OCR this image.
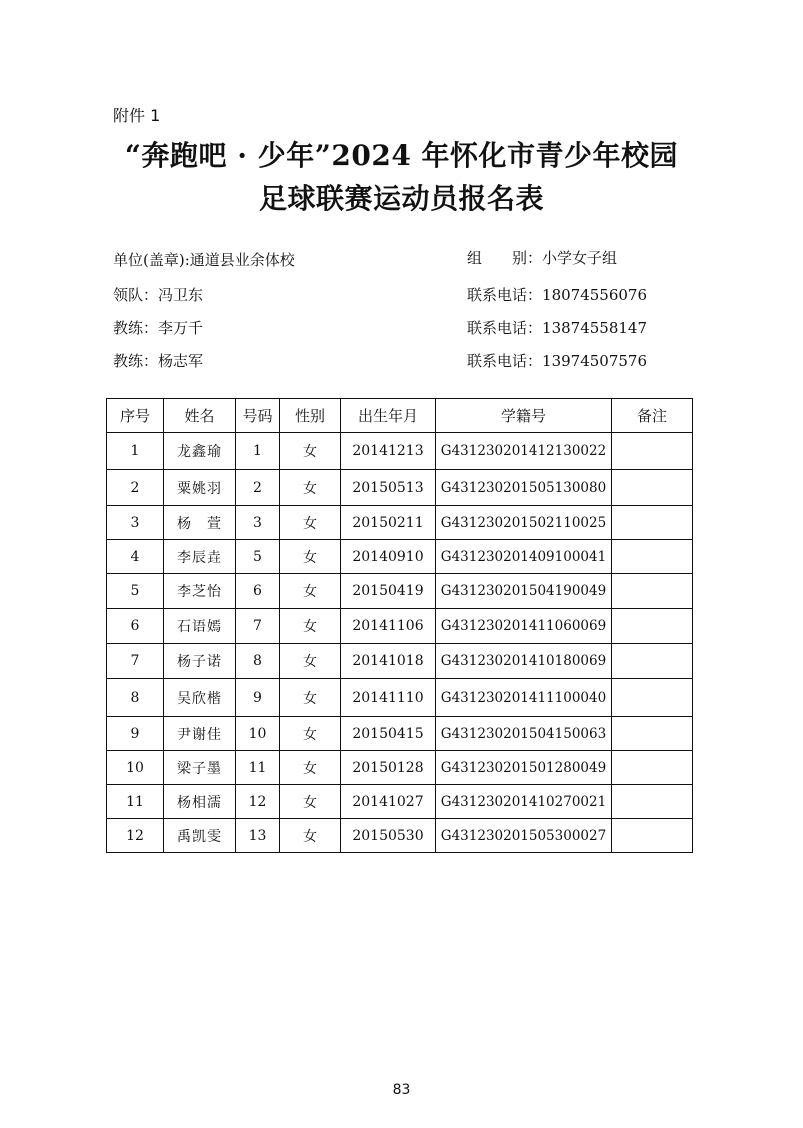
附件 1
“奔跑吧 · 少年”2024 年怀化市青少年校园
足球联赛运动员报名表
单位(盖章):通道县业余体校
领队：冯卫东
教练：李万千
教练：杨志军
组　　别：小学女子组
联系电话：18074556076
联系电话：13874558147
联系电话：13974507576
序号	姓名	号码	性别	出生年月	学籍号	备注
1	龙鑫瑜	1	女	20141213	G431230201412130022	
2	粟姚羽	2	女	20150513	G431230201505130080	
3	杨　萱	3	女	20150211	G431230201502110025	
4	李辰垚	5	女	20140910	G431230201409100041	
5	李芝怡	6	女	20150419	G431230201504190049	
6	石语嫣	7	女	20141106	G431230201411060069	
7	杨子诺	8	女	20141018	G431230201410180069	
8	吴欣楷	9	女	20141110	G431230201411100040	
9	尹谢佳	10	女	20150415	G431230201504150063	
10	梁子墨	11	女	20150128	G431230201501280049	
11	杨相濡	12	女	20141027	G431230201410270021	
12	禹凯雯	13	女	20150530	G431230201505300027	
83
